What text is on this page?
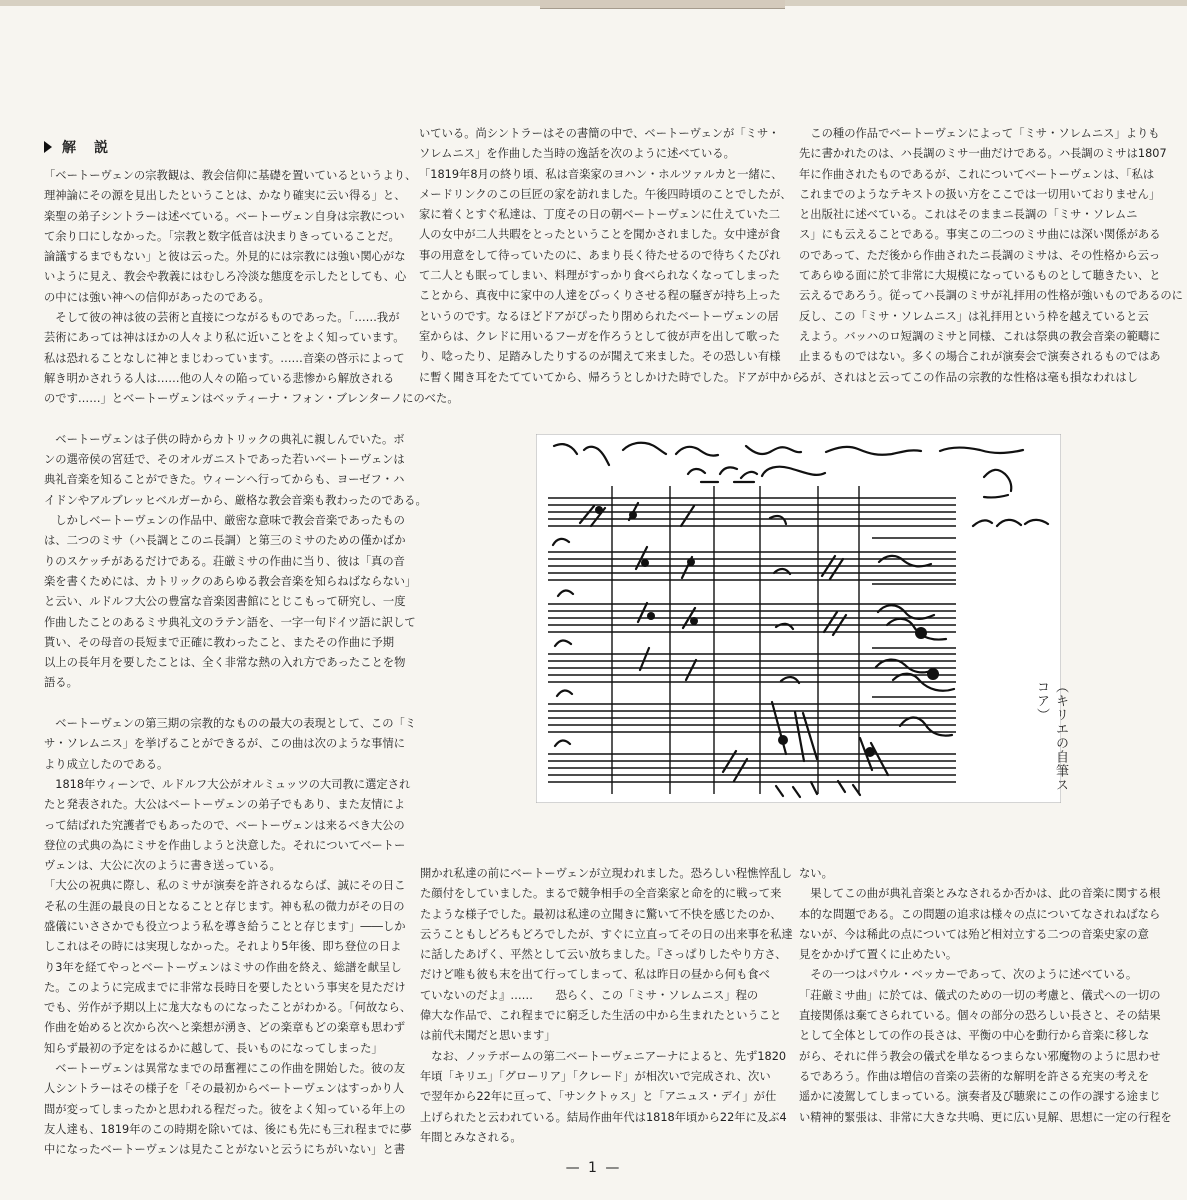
解　説
「ベートーヴェンの宗教観は、教会信仰に基礎を置いているというより、
理神論にその源を見出したということは、かなり確実に云い得る」と、
楽聖の弟子シントラーは述べている。ベートーヴェン自身は宗教につい
て余り口にしなかった。「宗教と数字低音は決まりきっていることだ。
論議するまでもない」と彼は云った。外見的には宗教には強い関心がな
いように見え、教会や教義にはむしろ冷淡な態度を示したとしても、心
の中には強い神への信仰があったのである。
　そして彼の神は彼の芸術と直接につながるものであった。「……我が
芸術にあっては神はほかの人々より私に近いことをよく知っています。
私は恐れることなしに神とまじわっています。……音楽の啓示によって
解き明かされうる人は……他の人々の陥っている悲惨から解放される
のです……」とベートーヴェンはベッティーナ・フォン・ブレンターノにのべた。

　ベートーヴェンは子供の時からカトリックの典礼に親しんでいた。ボ
ンの選帝侯の宮廷で、そのオルガニストであった若いベートーヴェンは
典礼音楽を知ることができた。ウィーンへ行ってからも、ヨーゼフ・ハ
イドンやアルブレッヒベルガーから、厳格な教会音楽も教わったのである。
　しかしベートーヴェンの作品中、厳密な意味で教会音楽であったもの
は、二つのミサ（ハ長調とこのニ長調）と第三のミサのための僅かばか
りのスケッチがあるだけである。荘厳ミサの作曲に当り、彼は「真の音
楽を書くためには、カトリックのあらゆる教会音楽を知らねばならない」
と云い、ルドルフ大公の豊富な音楽図書館にとじこもって研究し、一度
作曲したことのあるミサ典礼文のラテン語を、一字一句ドイツ語に訳して
貰い、その母音の長短まで正確に教わったこと、またその作曲に予期
以上の長年月を要したことは、全く非常な熱の入れ方であったことを物
語る。

　ベートーヴェンの第三期の宗教的なものの最大の表現として、この「ミ
サ・ソレムニス」を挙げることができるが、この曲は次のような事情に
より成立したのである。
　1818年ウィーンで、ルドルフ大公がオルミュッツの大司教に選定され
たと発表された。大公はベートーヴェンの弟子でもあり、また友情によ
って結ばれた究護者でもあったので、ベートーヴェンは来るべき大公の
登位の式典の為にミサを作曲しようと決意した。それについてベートー
ヴェンは、大公に次のように書き送っている。
「大公の祝典に際し、私のミサが演奏を許されるならば、誠にその日こ
そ私の生涯の最良の日となることと存じます。神も私の微力がその日の
盛儀にいささかでも役立つよう私を導き給うことと存じます」――しか
しこれはその時には実現しなかった。それより5年後、即ち登位の日よ
り3年を経てやっとベートーヴェンはミサの作曲を終え、総譜を献呈し
た。このように完成までに非常な長時日を要したという事実を見ただけ
でも、労作が予期以上に尨大なものになったことがわかる。「何故なら、
作曲を始めると次から次へと楽想が湧き、どの楽章もどの楽章も思わず
知らず最初の予定をはるかに越して、長いものになってしまった」
　ベートーヴェンは異常なまでの昂奮裡にこの作曲を開始した。彼の友
人シントラーはその様子を「その最初からベートーヴェンはすっかり人
間が変ってしまったかと思われる程だった。彼をよく知っている年上の
友人達も、1819年のこの時期を除いては、後にも先にも三れ程までに夢
中になったベートーヴェンは見たことがないと云うにちがいない」と書
いている。尚シントラーはその書簡の中で、ベートーヴェンが「ミサ・
ソレムニス」を作曲した当時の逸話を次のように述べている。
「1819年8月の終り頃、私は音楽家のヨハン・ホルツァルカと一緒に、
メードリンクのこの巨匠の家を訪れました。午後四時頃のことでしたが、
家に着くとすぐ私達は、丁度その日の朝ベートーヴェンに仕えていた二
人の女中が二人共暇をとったということを聞かされました。女中達が食
事の用意をして待っていたのに、あまり長く待たせるので待ちくたびれ
て二人とも眠ってしまい、料理がすっかり食べられなくなってしまった
ことから、真夜中に家中の人達をびっくりさせる程の騒ぎが持ち上った
というのです。なるほどドアがぴったり閉められたベートーヴェンの居
室からは、クレドに用いるフーガを作ろうとして彼が声を出して歌った
り、唸ったり、足踏みしたりするのが聞えて来ました。その恐しい有様
に暫く聞き耳をたてていてから、帰ろうとしかけた時でした。ドアが中から
　この種の作品でベートーヴェンによって「ミサ・ソレムニス」よりも
先に書かれたのは、ハ長調のミサ一曲だけである。ハ長調のミサは1807
年に作曲されたものであるが、これについてベートーヴェンは、「私は
これまでのようなテキストの扱い方をここでは一切用いておりません」
と出版社に述べている。これはそのままニ長調の「ミサ・ソレムニ
ス」にも云えることである。事実この二つのミサ曲には深い関係がある
のであって、ただ後から作曲されたニ長調のミサは、その性格から云っ
てあらゆる面に於て非常に大規模になっているものとして聴きたい、と
云えるであろう。従ってハ長調のミサが礼拝用の性格が強いものであるのに
反し、この「ミサ・ソレムニス」は礼拝用という枠を越えていると云
えよう。バッハのロ短調のミサと同様、これは祭典の教会音楽の範疇に
止まるものではない。多くの場合これが演奏会で演奏されるものではあ
るが、されはと云ってこの作品の宗教的な性格は毫も損なわれはし
開かれ私達の前にベートーヴェンが立現われました。恐ろしい程憔悴乱し
た顔付をしていました。まるで競争相手の全音楽家と命を的に戦って来
たような様子でした。最初は私達の立聞きに驚いて不快を感じたのか、
云うこともしどろもどろでしたが、すぐに立直ってその日の出来事を私達
に話したあげく、平然として云い放ちました。『さっぱりしたやり方さ、
だけど唯も彼も末を出て行ってしまって、私は昨日の昼から何も食べ
ていないのだよ』……　　恐らく、この「ミサ・ソレムニス」程の
偉大な作品で、これ程までに窮乏した生活の中から生まれたということ
は前代未聞だと思います」
　なお、ノッテボームの第二ベートーヴェニアーナによると、先ず1820
年頃「キリエ」「グローリア」「クレード」が相次いで完成され、次い
で翌年から22年に亘って、「サンクトゥス」と「アニュス・デイ」が仕
上げられたと云われている。結局作曲年代は1818年頃から22年に及ぶ4
年間とみなされる。
ない。
　果してこの曲が典礼音楽とみなされるか否かは、此の音楽に関する根
本的な問題である。この問題の追求は様々の点についてなされねばなら
ないが、今は稀此の点については殆ど相対立する二つの音楽史家の意
見をかかげて置くに止めたい。
　その一つはパウル・ベッカーであって、次のように述べている。
「荘厳ミサ曲」に於ては、儀式のための一切の考慮と、儀式への一切の
直接関係は棄てさられている。個々の部分の恐ろしい長さと、その結果
として全体としての作の長さは、平衡の中心を動行から音楽に移しな
がら、それに伴う教会の儀式を単なるつまらない邪魔物のように思わせ
るであろう。作曲は増信の音楽の芸術的な解明を許さる充実の考えを
遥かに凌駕してしまっている。演奏者及び聴衆にこの作の課する途まじ
い精神的緊張は、非常に大きな共鳴、更に広い見解、思想に一定の行程を
（キリエの自筆スコア）
— 1 —
